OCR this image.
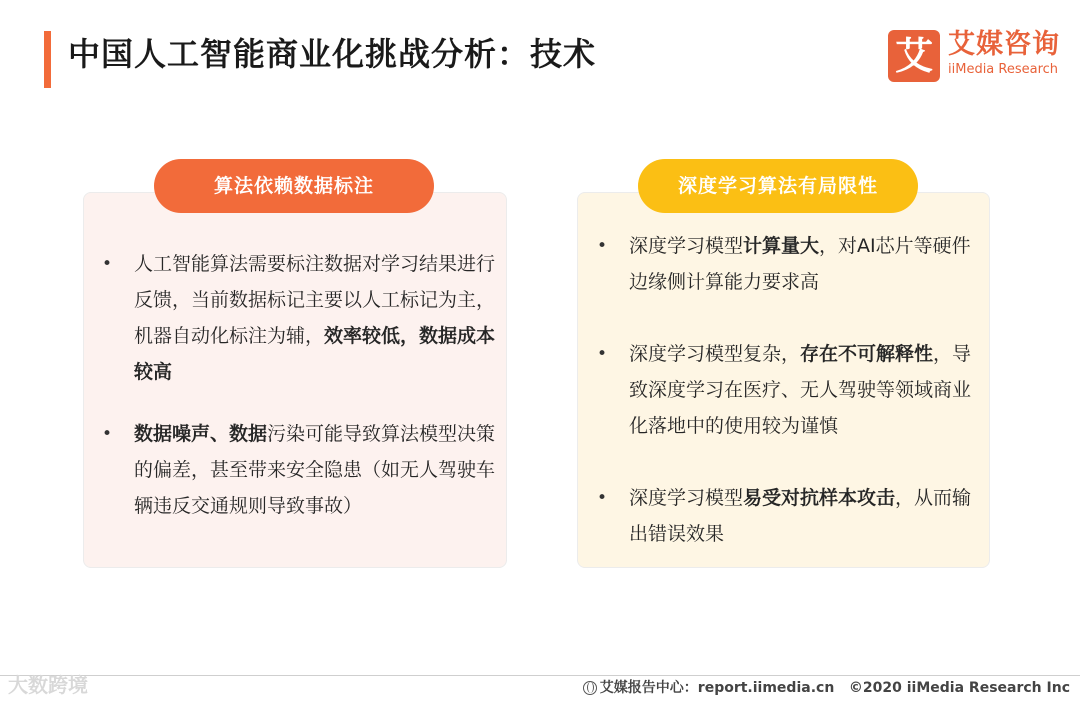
中国人工智能商业化挑战分析：技术	艾 艾媒咨询
iiMedia Research
算法依赖数据标注	深度学习算法有局限性
• 人工智能算法需要标注数据对学习结果进行反馈，当前数据标记主要以人工标记为主，机器自动化标注为辅，效率较低，数据成本较高
• 数据噪声、数据污染可能导致算法模型决策的偏差，甚至带来安全隐患（如无人驾驶车辆违反交通规则导致事故）
• 深度学习模型计算量大，对AI芯片等硬件边缘侧计算能力要求高
• 深度学习模型复杂，存在不可解释性，导致深度学习在医疗、无人驾驶等领域商业化落地中的使用较为谨慎
• 深度学习模型易受对抗样本攻击，从而输出错误效果
大数跨境	艾媒报告中心：report.iimedia.cn ©2020 iiMedia Research Inc
